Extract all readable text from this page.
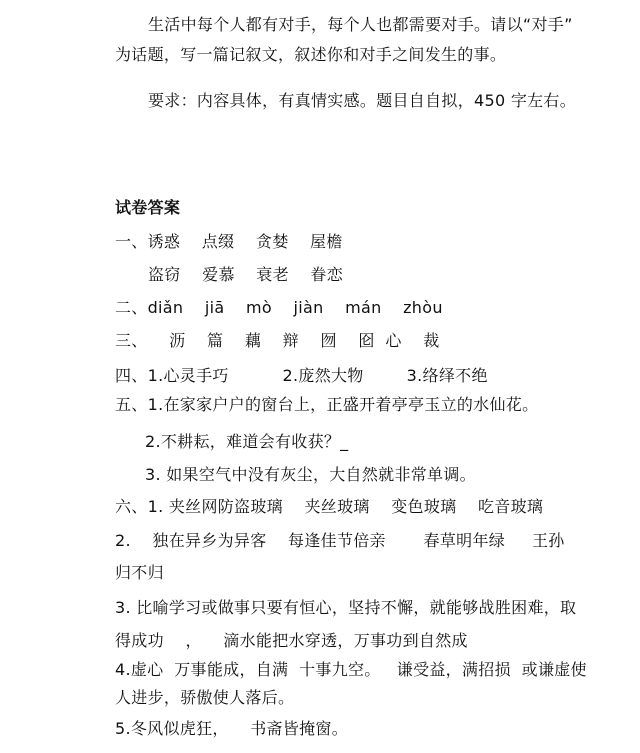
生活中每个人都有对手，每个人也都需要对手。请以“对手”
为话题，写一篇记叙文，叙述你和对手之间发生的事。
要求：内容具体，有真情实感。题目自自拟，450 字左右。
试卷答案
一、诱惑    点缀    贪婪    屋檐
盗窃    爱慕    衰老    眷恋
二、diǎn    jiā    mò    jiàn    mán    zhòu
三、    沥    篇    藕    辩    囫    囵  心    裁
四、1.心灵手巧          2.庞然大物        3.络绎不绝
五、1.在家家户户的窗台上，正盛开着亭亭玉立的水仙花。
2.不耕耘，难道会有收获？_
3. 如果空气中没有灰尘，大自然就非常单调。
六、1. 夹丝网防盗玻璃    夹丝玻璃    变色玻璃    吃音玻璃
2.    独在异乡为异客    每逢佳节倍亲       春草明年绿     王孙
归不归
3. 比喻学习或做事只要有恒心，坚持不懈，就能够战胜困难，取
得成功    ，    滴水能把水穿透，万事功到自然成
4.虚心  万事能成，自满  十事九空。   谦受益，满招损  或谦虚使
人进步，骄傲使人落后。
5.冬风似虎狂，    书斋皆掩窗。
